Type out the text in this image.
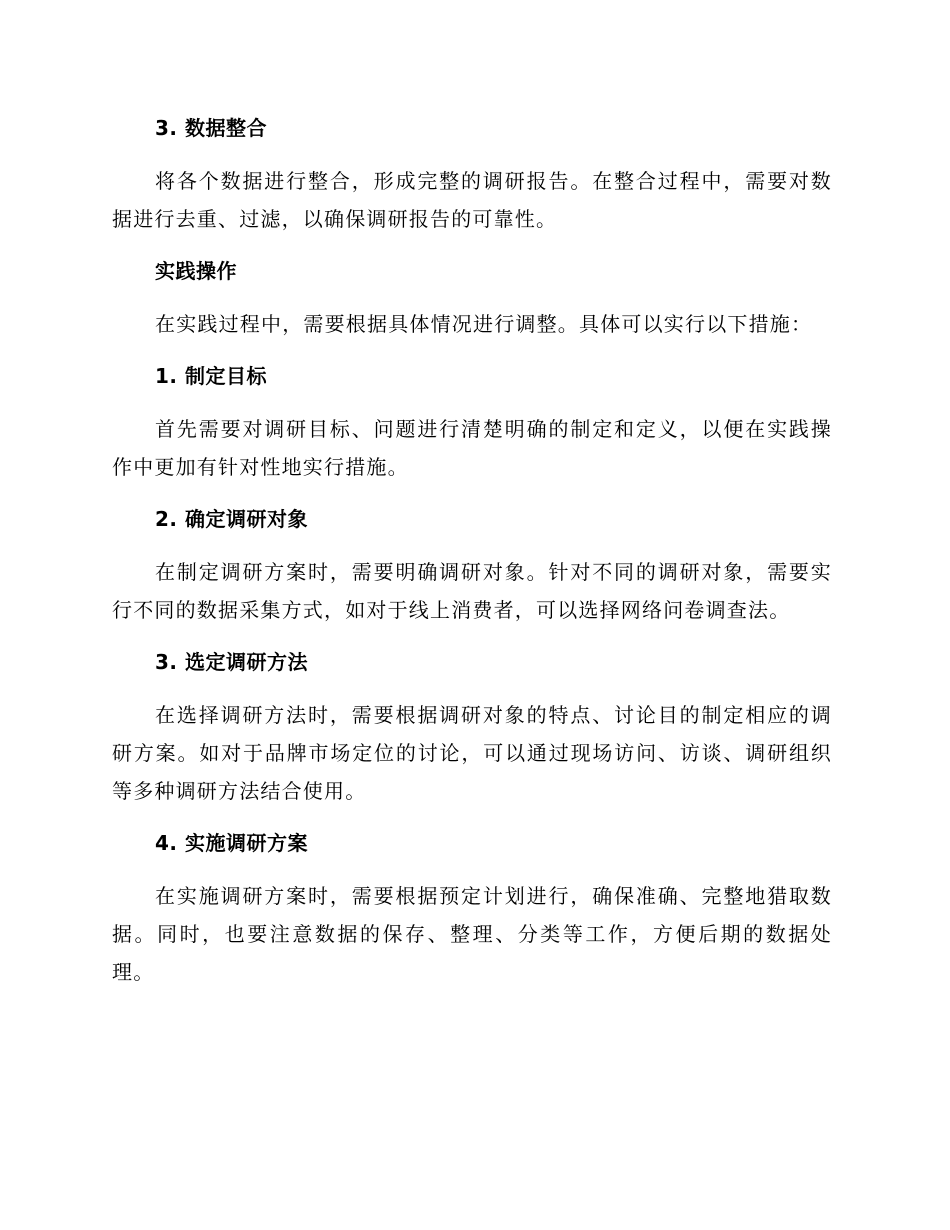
3. 数据整合
将各个数据进行整合，形成完整的调研报告。在整合过程中，需要对数据进行去重、过滤，以确保调研报告的可靠性。
实践操作
在实践过程中，需要根据具体情况进行调整。具体可以实行以下措施：
1. 制定目标
首先需要对调研目标、问题进行清楚明确的制定和定义，以便在实践操作中更加有针对性地实行措施。
2. 确定调研对象
在制定调研方案时，需要明确调研对象。针对不同的调研对象，需要实行不同的数据采集方式，如对于线上消费者，可以选择网络问卷调查法。
3. 选定调研方法
在选择调研方法时，需要根据调研对象的特点、讨论目的制定相应的调研方案。如对于品牌市场定位的讨论，可以通过现场访问、访谈、调研组织等多种调研方法结合使用。
4. 实施调研方案
在实施调研方案时，需要根据预定计划进行，确保准确、完整地猎取数据。同时，也要注意数据的保存、整理、分类等工作，方便后期的数据处理。
